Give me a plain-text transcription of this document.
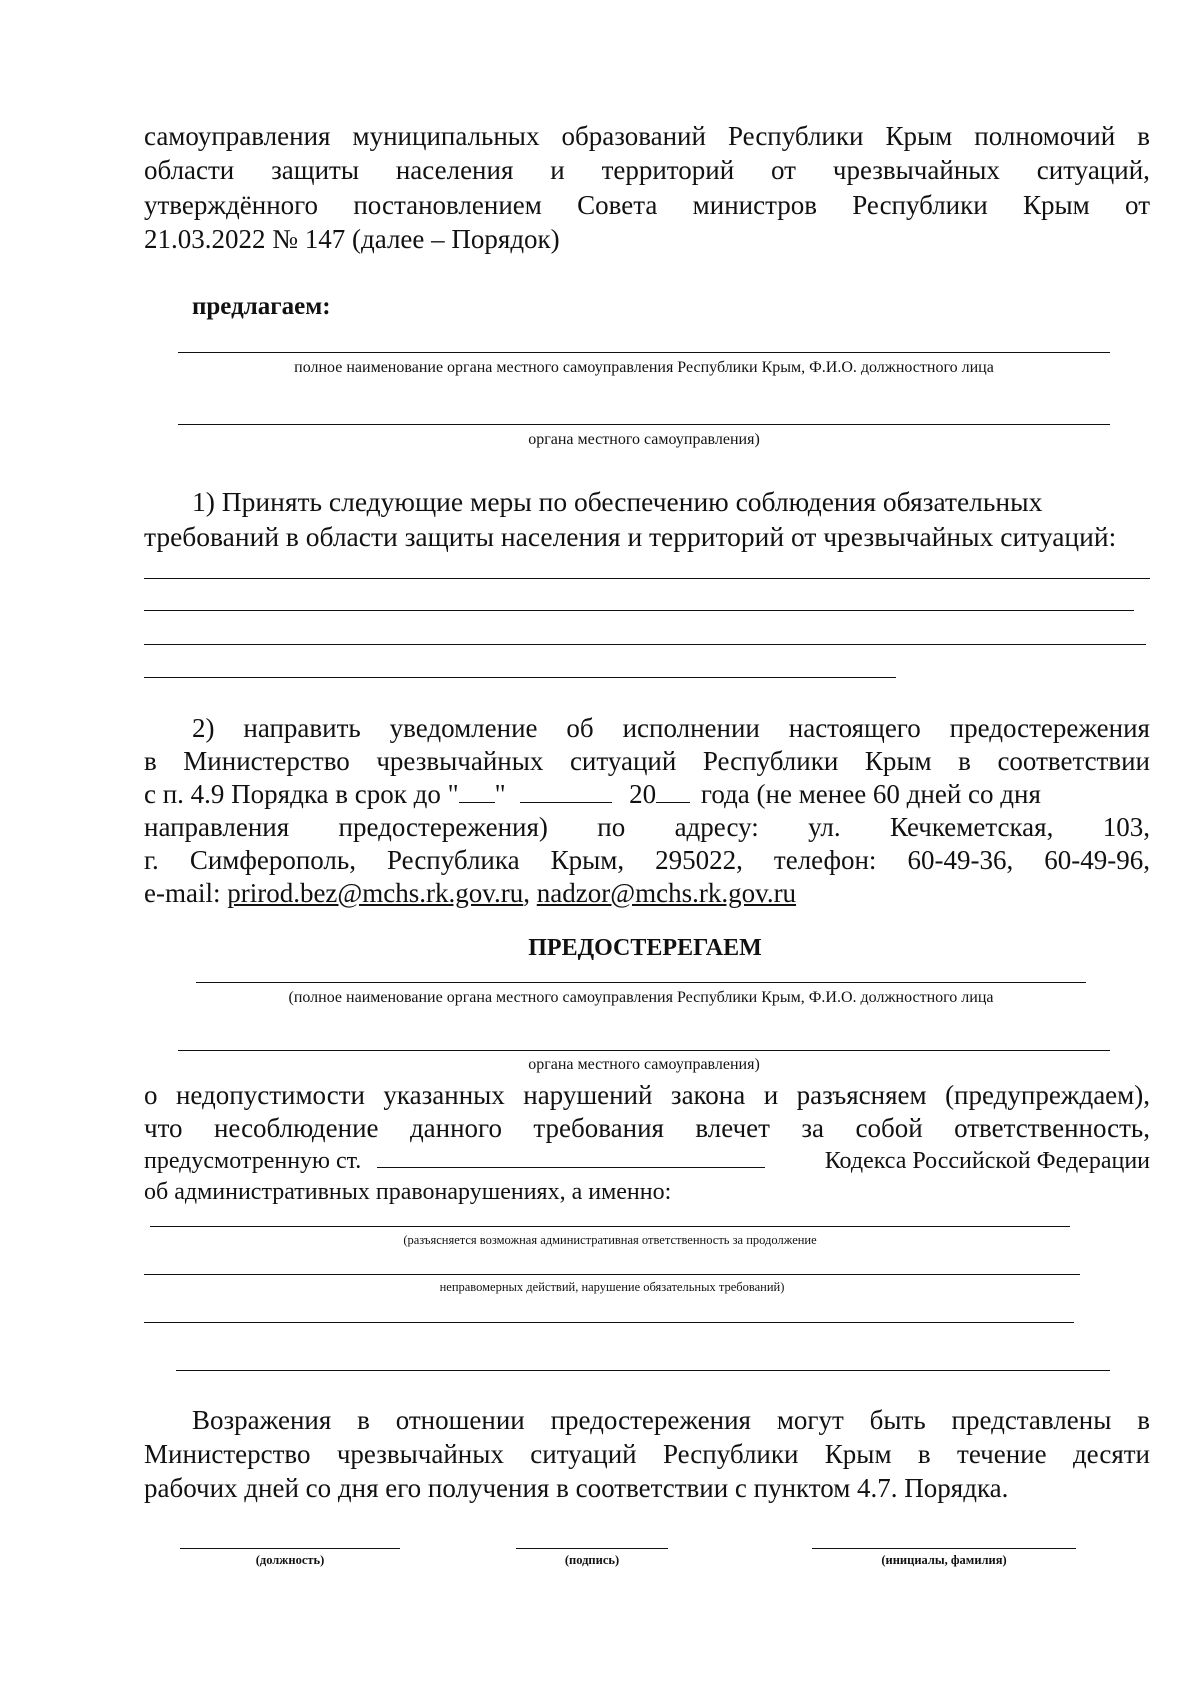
самоуправления муниципальных образований Республики Крым полномочий в
области защиты населения и территорий от чрезвычайных ситуаций,
утверждённого постановлением Совета министров Республики Крым от
21.03.2022 № 147 (далее – Порядок)
предлагаем:
полное наименование органа местного самоуправления Республики Крым, Ф.И.О. должностного лица
органа местного самоуправления)
1) Принять следующие меры по обеспечению соблюдения обязательных
требований в области защиты населения и территорий от чрезвычайных ситуаций:
2) направить уведомление об исполнении настоящего предостережения
в Министерство чрезвычайных ситуаций Республики Крым в соответствии
с п. 4.9 Порядка в срок до " "	20 года (не менее 60 дней со дня
направления предостережения) по адресу: ул. Кечкеметская, 103,
г. Симферополь, Республика Крым, 295022, телефон: 60-49-36, 60-49-96,
e-mail: prirod.bez@mchs.rk.gov.ru, nadzor@mchs.rk.gov.ru
ПРЕДОСТЕРЕГАЕМ
(полное наименование органа местного самоуправления Республики Крым, Ф.И.О. должностного лица
органа местного самоуправления)
о недопустимости указанных нарушений закона и разъясняем (предупреждаем),
что несоблюдение данного требования влечет за собой ответственность,
предусмотренную ст.	Кодекса Российской Федерации
об административных правонарушениях, а именно:
(разъясняется возможная административная ответственность за продолжение
неправомерных действий, нарушение обязательных требований)
Возражения в отношении предостережения могут быть представлены в
Министерство чрезвычайных ситуаций Республики Крым в течение десяти
рабочих дней со дня его получения в соответствии с пунктом 4.7. Порядка.
(должность)	(подпись)	(инициалы, фамилия)
